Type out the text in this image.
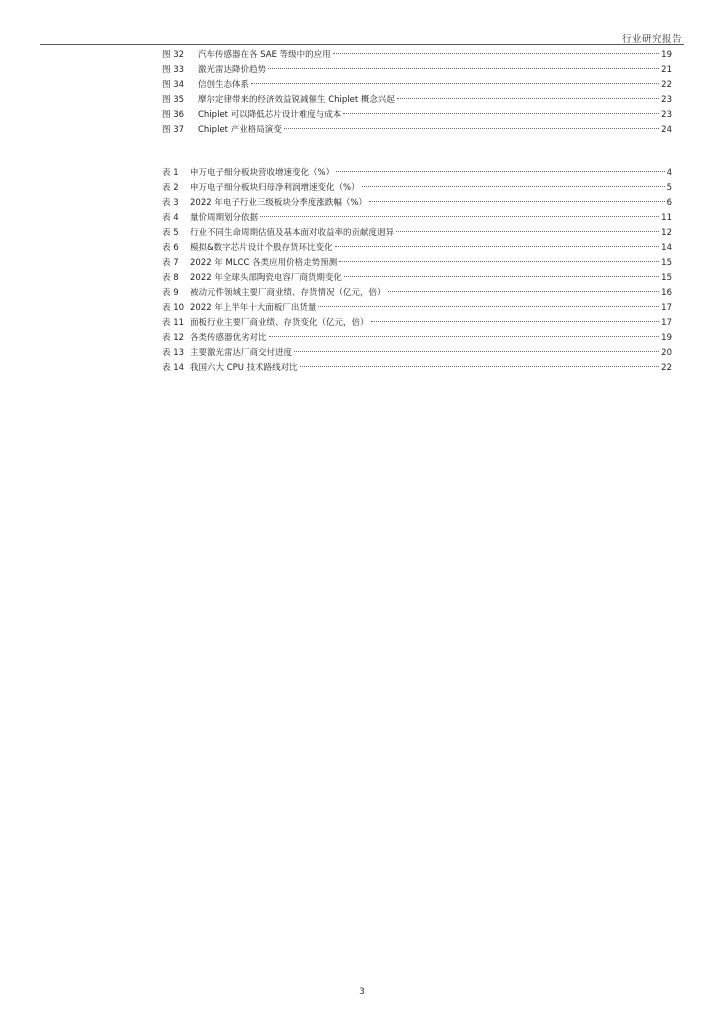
行业研究报告
图 32 汽车传感器在各 SAE 等级中的应用	19
图 33 激光雷达降价趋势	21
图 34 信创生态体系	22
图 35 摩尔定律带来的经济效益锐减催生 Chiplet 概念兴起	23
图 36 Chiplet 可以降低芯片设计难度与成本	23
图 37 Chiplet 产业格局演变	24
表 1 申万电子细分板块营收增速变化（%）	4
表 2 申万电子细分板块归母净利润增速变化（%）	5
表 3 2022 年电子行业三级板块分季度涨跌幅（%）	6
表 4 量价周期划分依据	11
表 5 行业不同生命周期估值及基本面对收益率的贡献度迥异	12
表 6 模拟&数字芯片设计个股存货环比变化	14
表 7 2022 年 MLCC 各类应用价格走势预测	15
表 8 2022 年全球头部陶瓷电容厂商货期变化	15
表 9 被动元件领域主要厂商业绩、存货情况（亿元，倍）	16
表 10 2022 年上半年十大面板厂出货量	17
表 11 面板行业主要厂商业绩、存货变化（亿元，倍）	17
表 12 各类传感器优劣对比	19
表 13 主要激光雷达厂商交付进度	20
表 14 我国六大 CPU 技术路线对比	22
3
